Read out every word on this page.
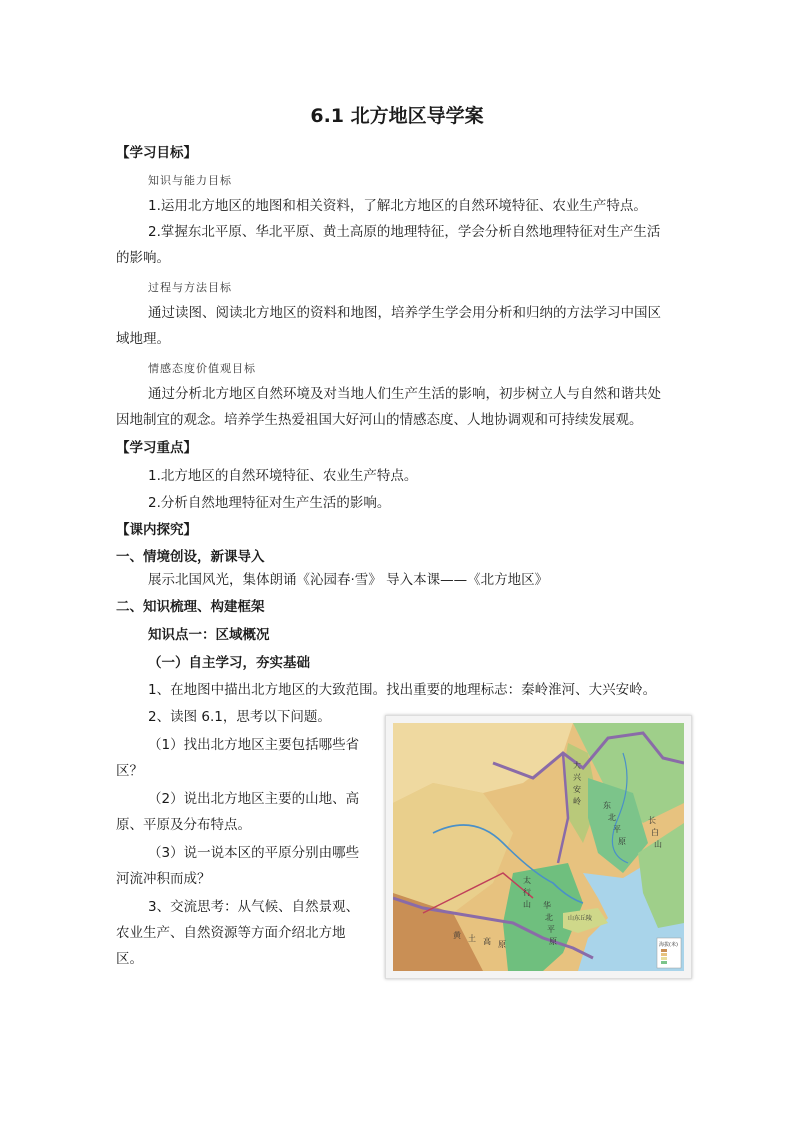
6.1 北方地区导学案
【学习目标】
知识与能力目标
1.运用北方地区的地图和相关资料，了解北方地区的自然环境特征、农业生产特点。
2.掌握东北平原、华北平原、黄土高原的地理特征，学会分析自然地理特征对生产生活
的影响。
过程与方法目标
通过读图、阅读北方地区的资料和地图，培养学生学会用分析和归纳的方法学习中国区
域地理。
情感态度价值观目标
通过分析北方地区自然环境及对当地人们生产生活的影响，初步树立人与自然和谐共处
因地制宜的观念。培养学生热爱祖国大好河山的情感态度、人地协调观和可持续发展观。
【学习重点】
1.北方地区的自然环境特征、农业生产特点。
2.分析自然地理特征对生产生活的影响。
【课内探究】
一、情境创设，新课导入
展示北国风光，集体朗诵《沁园春·雪》 导入本课——《北方地区》
二、知识梳理、构建框架
知识点一：区域概况
（一）自主学习，夯实基础
1、在地图中描出北方地区的大致范围。找出重要的地理标志：秦岭淮河、大兴安岭。
2、读图 6.1，思考以下问题。
（1）找出北方地区主要包括哪些省
区？
（2）说出北方地区主要的山地、高
原、平原及分布特点。
（3）说一说本区的平原分别由哪些
河流冲积而成？
3、交流思考：从气候、自然景观、
农业生产、自然资源等方面介绍北方地
区。
大
兴
安
岭	东
北
平
原
长
白
山
华
北
平
原
黄 土 高 原
山东丘陵
太
行
山
海拔(米)
